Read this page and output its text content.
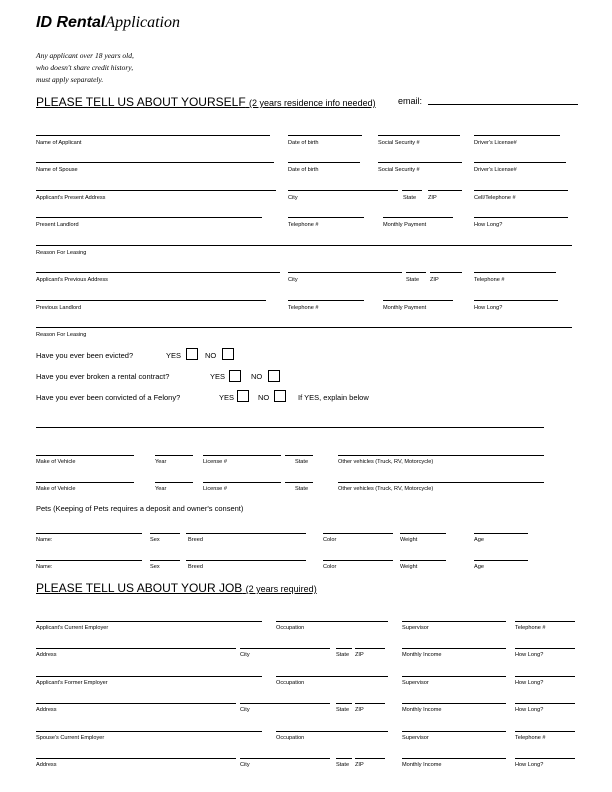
ID RentalApplication
Any applicant over 18 years old,
who doesn't share credit history,
must apply separately.
PLEASE TELL US ABOUT YOURSELF (2 years residence info needed) email:
Name of Applicant	Date of birth	Social Security #	Driver's License#
Name of Spouse	Date of birth	Social Security #	Driver's License#
Applicant's Present Address	City	State ZIP	Cell/Telephone #
Present Landlord	Telephone #	Monthly Payment	How Long?
Reason For Leasing
Applicant's Previous Address	City	State ZIP	Telephone #
Previous Landlord	Telephone #	Monthly Payment	How Long?
Reason For Leasing
Have you ever been evicted?	YES	NO
Have you ever broken a rental contract?	YES	NO
Have you ever been convicted of a Felony?	YES	NO	If YES, explain below
Make of Vehicle	Year	License #	State	Other vehicles (Truck, RV, Motorcycle)
Make of Vehicle	Year	License #	State	Other vehicles (Truck, RV, Motorcycle)
Pets (Keeping of Pets requires a deposit and owner's consent)
Name:	Sex	Breed	Color	Weight	Age
Name:	Sex	Breed	Color	Weight	Age
PLEASE TELL US ABOUT YOUR JOB (2 years required)
Applicant's Current Employer	Occupation	Supervisor	Telephone #
Address	City	State ZIP	Monthly Income	How Long?
Applicant's Former Employer	Occupation	Supervisor	How Long?
Address	City	State ZIP	Monthly Income	How Long?
Spouse's Current Employer	Occupation	Supervisor	Telephone #
Address	City	State ZIP	Monthly Income	How Long?
